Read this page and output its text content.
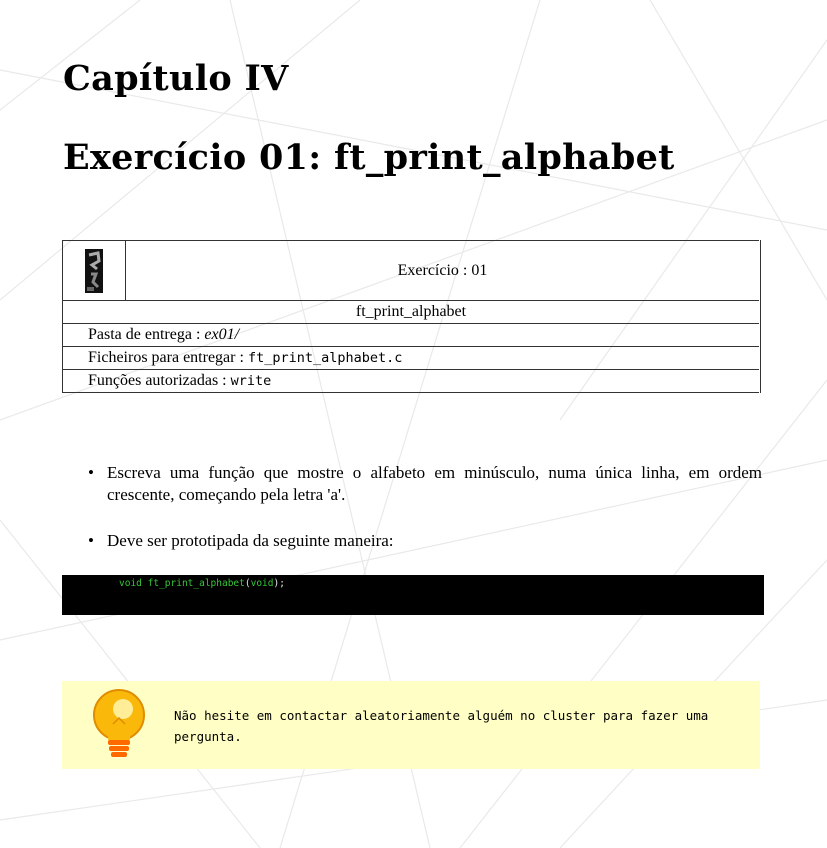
Capítulo IV
Exercício 01: ft_print_alphabet
Exercício : 01
ft_print_alphabet
Pasta de entrega : ex01/
Ficheiros para entregar : ft_print_alphabet.c
Funções autorizadas : write
• Escreva uma função que mostre o alfabeto em minúsculo, numa única linha, em ordem crescente, começando pela letra 'a'.
• Deve ser prototipada da seguinte maneira:
void ft_print_alphabet(void);
Não hesite em contactar aleatoriamente alguém no cluster para fazer uma pergunta.
